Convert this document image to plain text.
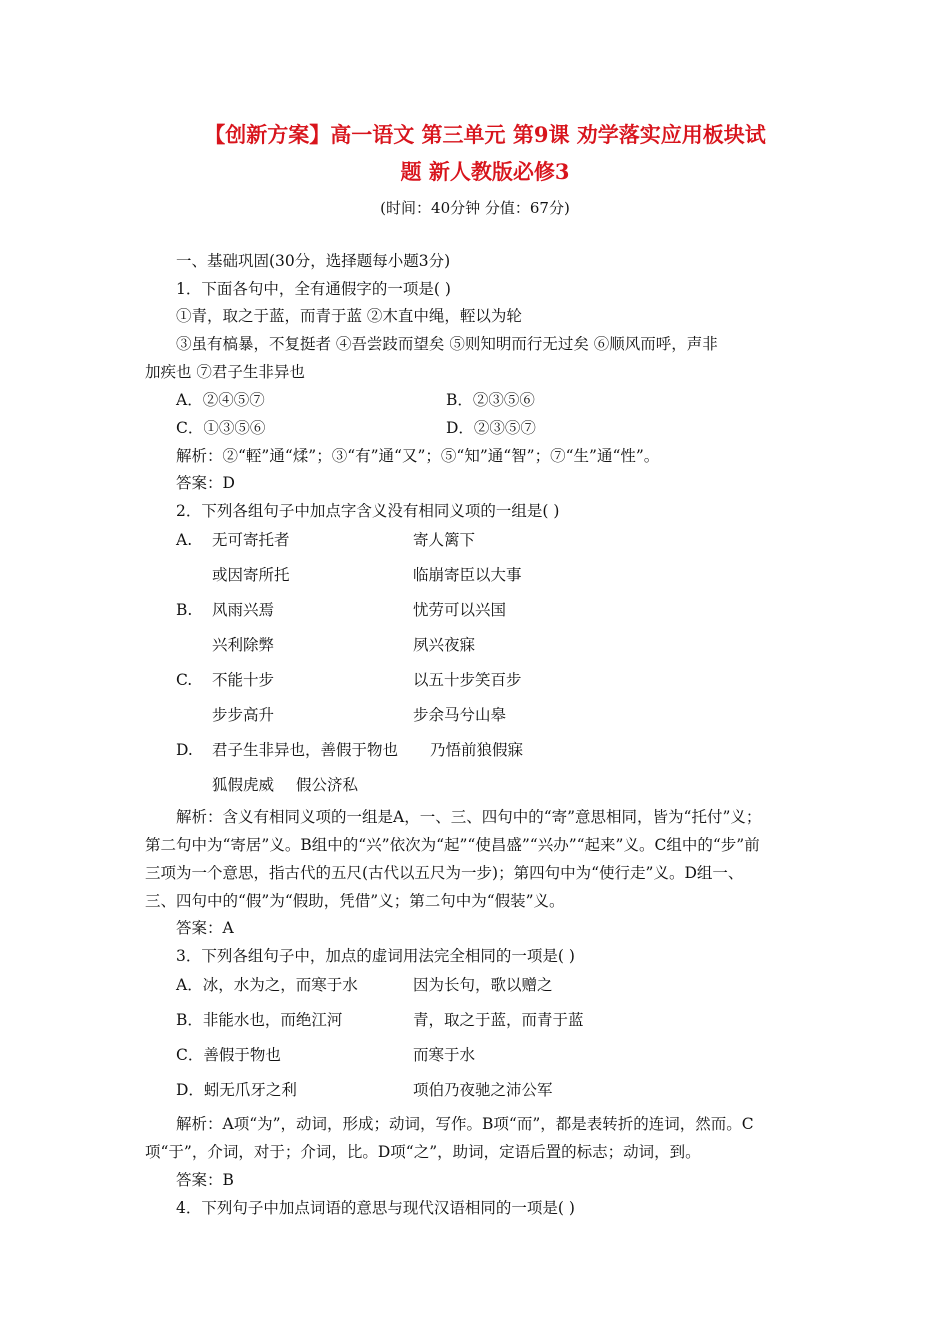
【创新方案】高一语文 第三单元 第9课 劝学落实应用板块试
题 新人教版必修3
(时间：40分钟 分值：67分)
一、基础巩固(30分，选择题每小题3分)
1．下面各句中，全有通假字的一项是( )
①青，取之于蓝，而青于蓝 ②木直中绳，䡖以为轮
③虽有槁暴，不复挺者 ④吾尝跂而望矣 ⑤则知明而行无过矣 ⑥顺风而呼，声非
加疾也 ⑦君子生非异也
A．②④⑤⑦	B．②③⑤⑥
C．①③⑤⑥	D．②③⑤⑦
解析：②“䡖”通“煣”；③“有”通“又”；⑤“知”通“智”；⑦“生”通“性”。
答案：D
2．下列各组句子中加点字含义没有相同义项的一组是( )
A. 无可寄托者	寄人篱下
或因寄所托	临崩寄臣以大事
B. 风雨兴焉	忧劳可以兴国
兴利除弊	夙兴夜寐
C. 不能十步	以五十步笑百步
步步高升	步余马兮山皋
D. 君子生非异也，善假于物也 乃悟前狼假寐
狐假虎威 假公济私
解析：含义有相同义项的一组是A，一、三、四句中的“寄”意思相同，皆为“托付”义；
第二句中为“寄居”义。B组中的“兴”依次为“起”“使昌盛”“兴办”“起来”义。C组中的“步”前
三项为一个意思，指古代的五尺(古代以五尺为一步)；第四句中为“使行走”义。D组一、
三、四句中的“假”为“假助，凭借”义；第二句中为“假装”义。
答案：A
3．下列各组句子中，加点的虚词用法完全相同的一项是( )
A．冰，水为之，而寒于水	因为长句，歌以赠之
B．非能水也，而绝江河	青，取之于蓝，而青于蓝
C．善假于物也	而寒于水
D．蚓无爪牙之利	项伯乃夜驰之沛公军
解析：A项“为”，动词，形成；动词，写作。B项“而”，都是表转折的连词，然而。C
项“于”，介词，对于；介词，比。D项“之”，助词，定语后置的标志；动词，到。
答案：B
4．下列句子中加点词语的意思与现代汉语相同的一项是( )
